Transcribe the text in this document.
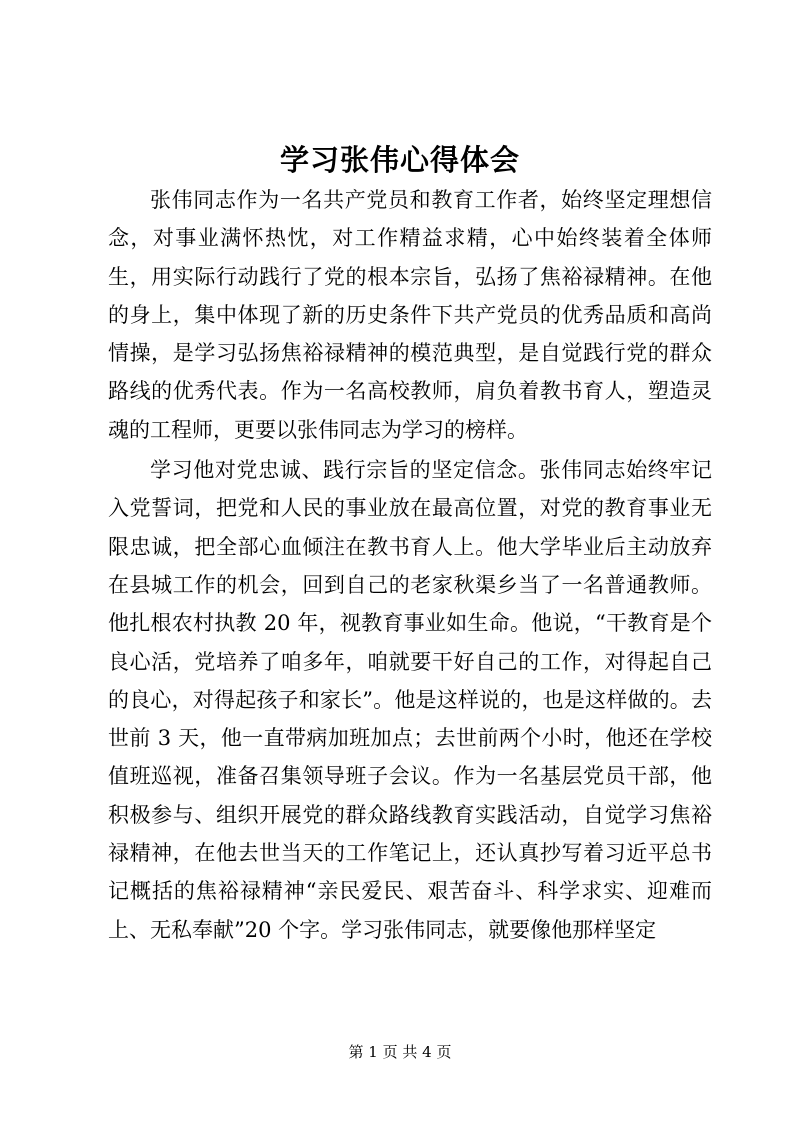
学习张伟心得体会

张伟同志作为一名共产党员和教育工作者，始终坚定理想信念，对事业满怀热忱，对工作精益求精，心中始终装着全体师生，用实际行动践行了党的根本宗旨，弘扬了焦裕禄精神。在他的身上，集中体现了新的历史条件下共产党员的优秀品质和高尚情操，是学习弘扬焦裕禄精神的模范典型，是自觉践行党的群众路线的优秀代表。作为一名高校教师，肩负着教书育人，塑造灵魂的工程师，更要以张伟同志为学习的榜样。

学习他对党忠诚、践行宗旨的坚定信念。张伟同志始终牢记入党誓词，把党和人民的事业放在最高位置，对党的教育事业无限忠诚，把全部心血倾注在教书育人上。他大学毕业后主动放弃在县城工作的机会，回到自己的老家秋渠乡当了一名普通教师。他扎根农村执教 20 年，视教育事业如生命。他说，“干教育是个良心活，党培养了咱多年，咱就要干好自己的工作，对得起自己的良心，对得起孩子和家长”。他是这样说的，也是这样做的。去世前 3 天，他一直带病加班加点；去世前两个小时，他还在学校值班巡视，准备召集领导班子会议。作为一名基层党员干部，他积极参与、组织开展党的群众路线教育实践活动，自觉学习焦裕禄精神，在他去世当天的工作笔记上，还认真抄写着习近平总书记概括的焦裕禄精神“亲民爱民、艰苦奋斗、科学求实、迎难而上、无私奉献”20 个字。学习张伟同志，就要像他那样坚定

第 1 页 共 4 页
